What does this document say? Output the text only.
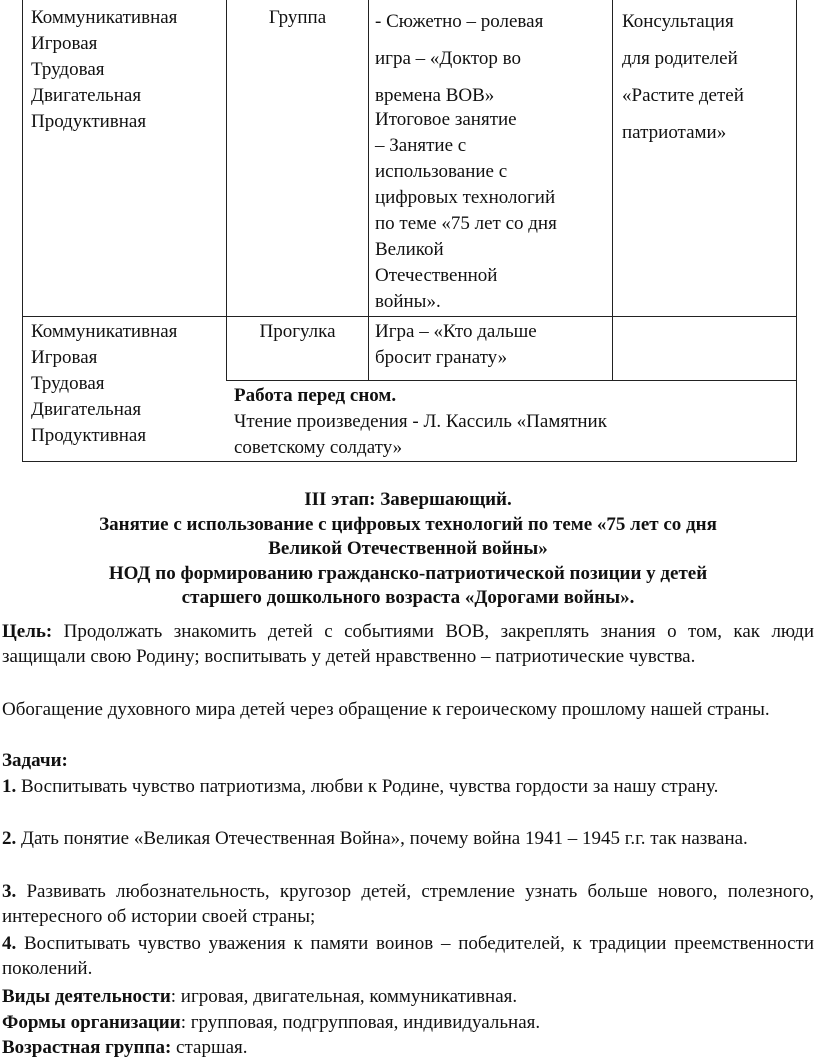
Коммуникативная
Игровая
Трудовая
Двигательная
Продуктивная
Группа	- Сюжетно – ролевая
игра – «Доктор во
времена ВОВ»
Итоговое занятие
– Занятие с
использование с
цифровых технологий
по теме «75 лет со дня
Великой
Отечественной
войны».
Консультация
для родителей
«Растите детей
патриотами»
Коммуникативная
Игровая
Трудовая
Двигательная
Продуктивная
Прогулка	Игра – «Кто дальше
бросит гранату»
Работа перед сном.
Чтение произведения - Л. Кассиль «Памятник
советскому солдату»
III этап: Завершающий.
Занятие с использование с цифровых технологий по теме «75 лет со дня
Великой Отечественной войны»
НОД по формированию гражданско-патриотической позиции у детей
старшего дошкольного возраста «Дорогами войны».
Цель: Продолжать знакомить детей с событиями ВОВ, закреплять знания о том, как люди защищали свою Родину; воспитывать у детей нравственно – патриотические чувства.
Обогащение духовного мира детей через обращение к героическому прошлому нашей страны.
Задачи:
1. Воспитывать чувство патриотизма, любви к Родине, чувства гордости за нашу страну.
2. Дать понятие «Великая Отечественная Война», почему война 1941 – 1945 г.г. так названа.
3. Развивать любознательность, кругозор детей, стремление узнать больше нового, полезного, интересного об истории своей страны;
4. Воспитывать чувство уважения к памяти воинов – победителей, к традиции преемственности поколений.
Виды деятельности: игровая, двигательная, коммуникативная.
Формы организации: групповая, подгрупповая, индивидуальная.
Возрастная группа: старшая.
